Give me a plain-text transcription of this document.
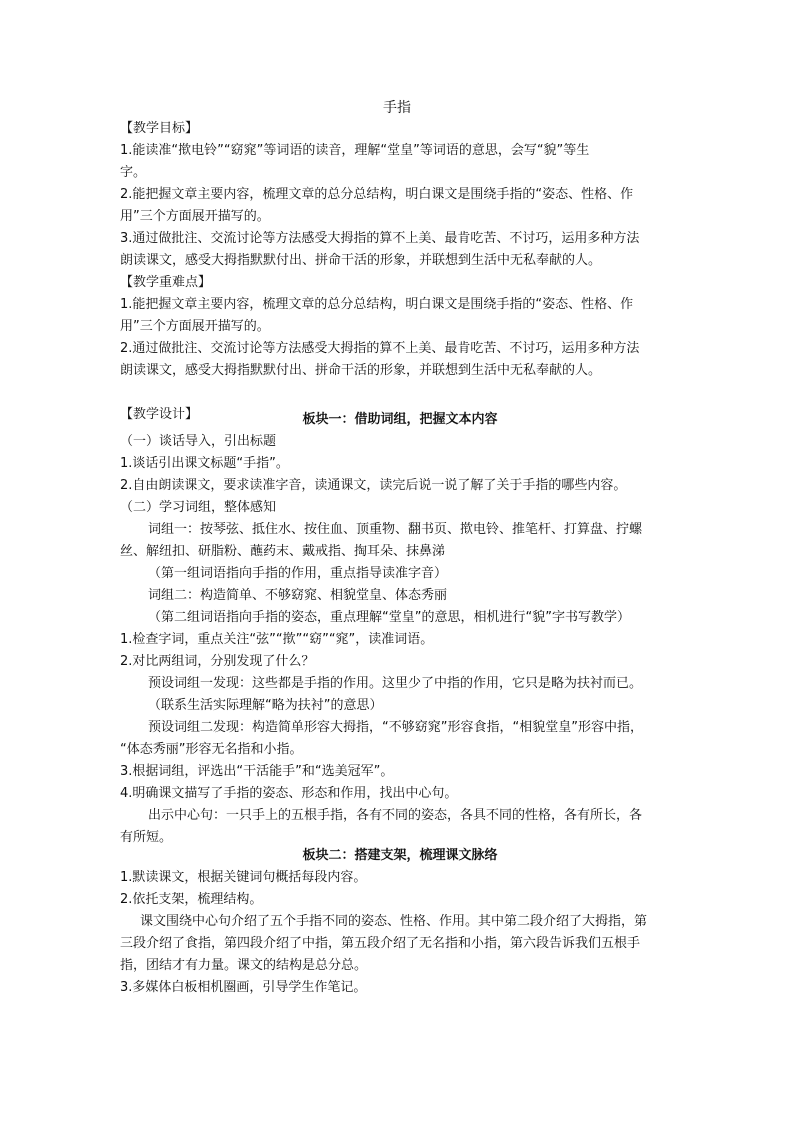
手指
【教学目标】
1.能读准“揿电铃”“窈窕”等词语的读音，理解“堂皇”等词语的意思，会写“貌”等生
字。
2.能把握文章主要内容，梳理文章的总分总结构，明白课文是围绕手指的“姿态、性格、作
用”三个方面展开描写的。
3.通过做批注、交流讨论等方法感受大拇指的算不上美、最肯吃苦、不讨巧，运用多种方法
朗读课文，感受大拇指默默付出、拼命干活的形象，并联想到生活中无私奉献的人。
【教学重难点】
1.能把握文章主要内容，梳理文章的总分总结构，明白课文是围绕手指的“姿态、性格、作
用”三个方面展开描写的。
2.通过做批注、交流讨论等方法感受大拇指的算不上美、最肯吃苦、不讨巧，运用多种方法
朗读课文，感受大拇指默默付出、拼命干活的形象，并联想到生活中无私奉献的人。
【教学设计】	板块一：借助词组，把握文本内容
（一）谈话导入，引出标题
1.谈话引出课文标题“手指”。
2.自由朗读课文，要求读准字音，读通课文，读完后说一说了解了关于手指的哪些内容。
（二）学习词组，整体感知
词组一：按琴弦、抵住水、按住血、顶重物、翻书页、揿电铃、推笔杆、打算盘、拧螺
丝、解纽扣、研脂粉、蘸药末、戴戒指、掏耳朵、抹鼻涕
（第一组词语指向手指的作用，重点指导读准字音）
词组二：构造简单、不够窈窕、相貌堂皇、体态秀丽
（第二组词语指向手指的姿态，重点理解“堂皇”的意思，相机进行“貌”字书写教学）
1.检查字词，重点关注“弦”“揿”“窈”“窕”，读准词语。
2.对比两组词，分别发现了什么？
预设词组一发现：这些都是手指的作用。这里少了中指的作用，它只是略为扶衬而已。
（联系生活实际理解“略为扶衬”的意思）
预设词组二发现：构造简单形容大拇指，“不够窈窕”形容食指，“相貌堂皇”形容中指，
“体态秀丽”形容无名指和小指。
3.根据词组，评选出“干活能手”和“选美冠军”。
4.明确课文描写了手指的姿态、形态和作用，找出中心句。
出示中心句：一只手上的五根手指，各有不同的姿态，各具不同的性格，各有所长，各
有所短。
板块二：搭建支架，梳理课文脉络
1.默读课文，根据关键词句概括每段内容。
2.依托支架，梳理结构。
课文围绕中心句介绍了五个手指不同的姿态、性格、作用。其中第二段介绍了大拇指，第
三段介绍了食指，第四段介绍了中指，第五段介绍了无名指和小指，第六段告诉我们五根手
指，团结才有力量。课文的结构是总分总。
3.多媒体白板相机圈画，引导学生作笔记。
